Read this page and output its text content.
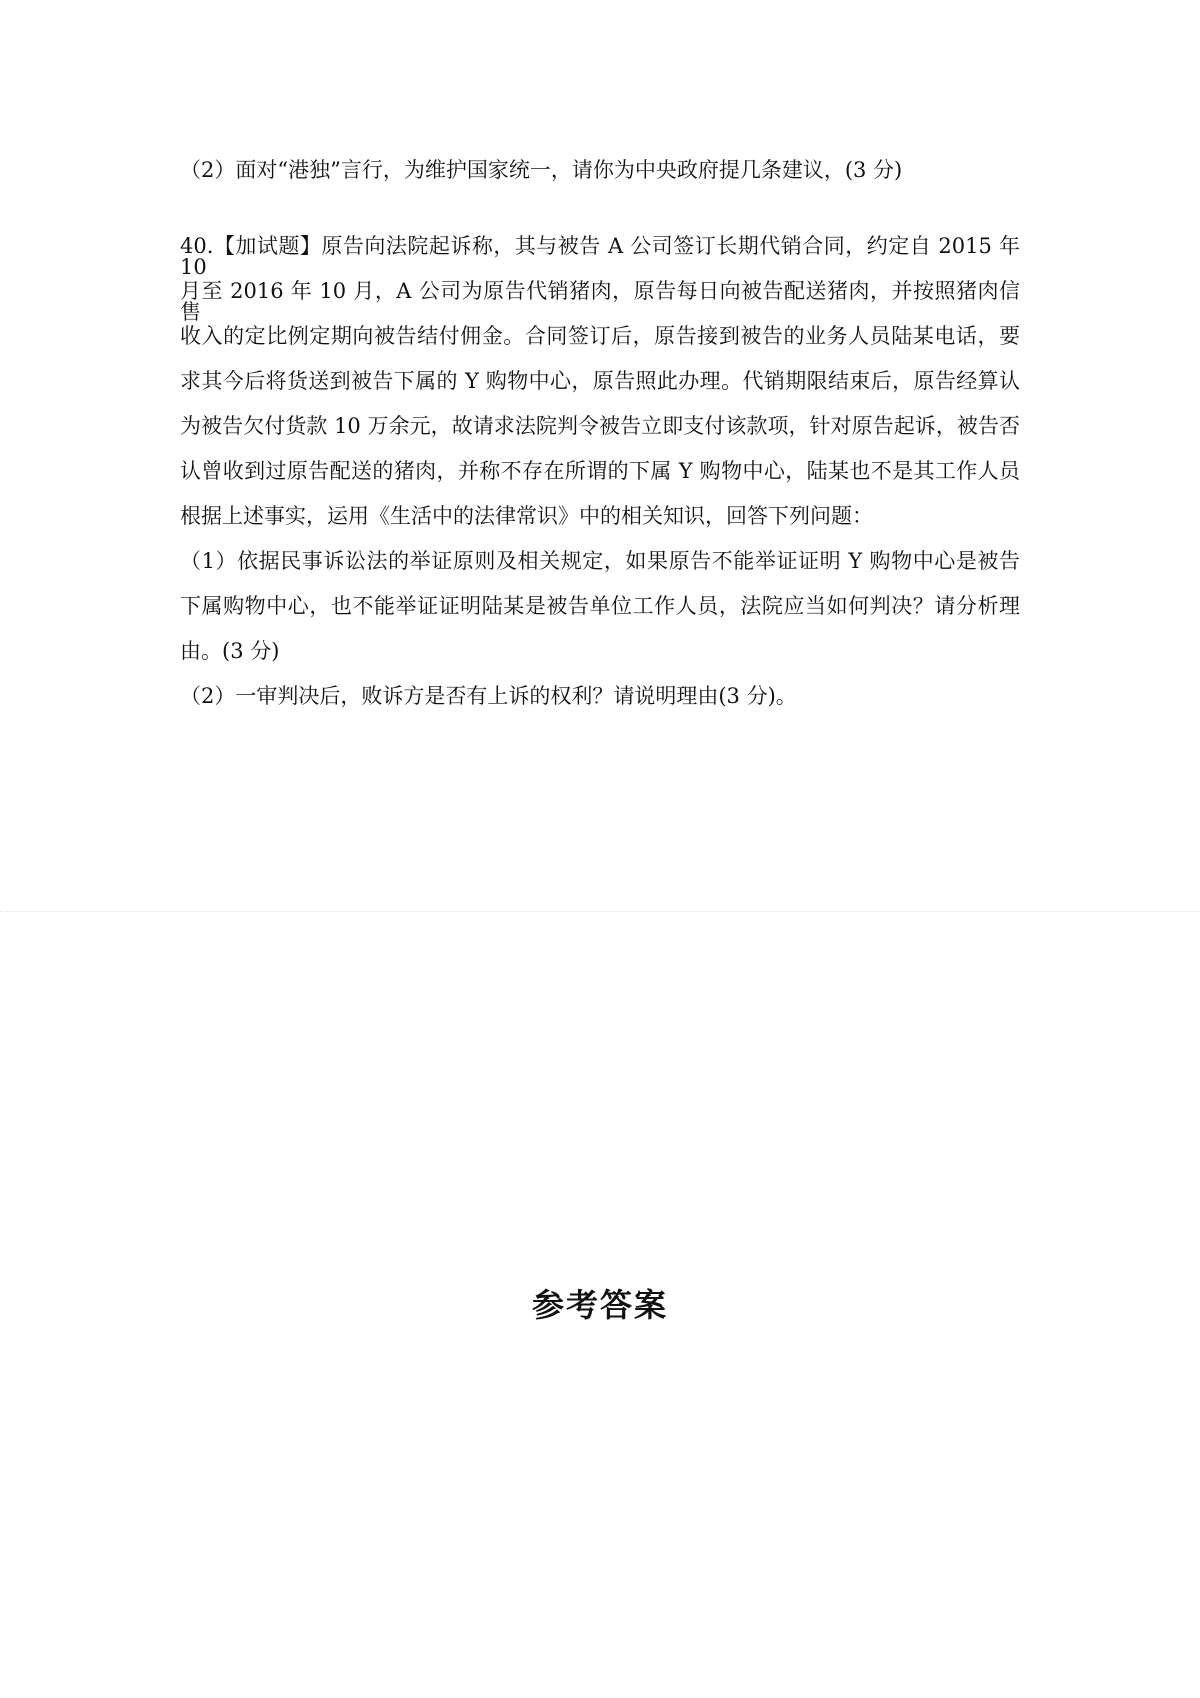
（2）面对“港独”言行，为维护国家统一，请你为中央政府提几条建议，(3 分)
40.【加试题】原告向法院起诉称，其与被告 A 公司签订长期代销合同，约定自 2015 年 10
月至 2016 年 10 月，A 公司为原告代销猪肉，原告每日向被告配送猪肉，并按照猪肉信售
收入的定比例定期向被告结付佣金。合同签订后，原告接到被告的业务人员陆某电话，要
求其今后将货送到被告下属的 Y 购物中心，原告照此办理。代销期限结束后，原告经算认
为被告欠付货款 10 万余元，故请求法院判令被告立即支付该款项，针对原告起诉，被告否
认曾收到过原告配送的猪肉，并称不存在所谓的下属 Y 购物中心，陆某也不是其工作人员
根据上述事实，运用《生活中的法律常识》中的相关知识，回答下列问题：
（1）依据民事诉讼法的举证原则及相关规定，如果原告不能举证证明 Y 购物中心是被告
下属购物中心，也不能举证证明陆某是被告单位工作人员，法院应当如何判决？请分析理
由。(3 分)
（2）一审判决后，败诉方是否有上诉的权利？请说明理由(3 分)。
参考答案
